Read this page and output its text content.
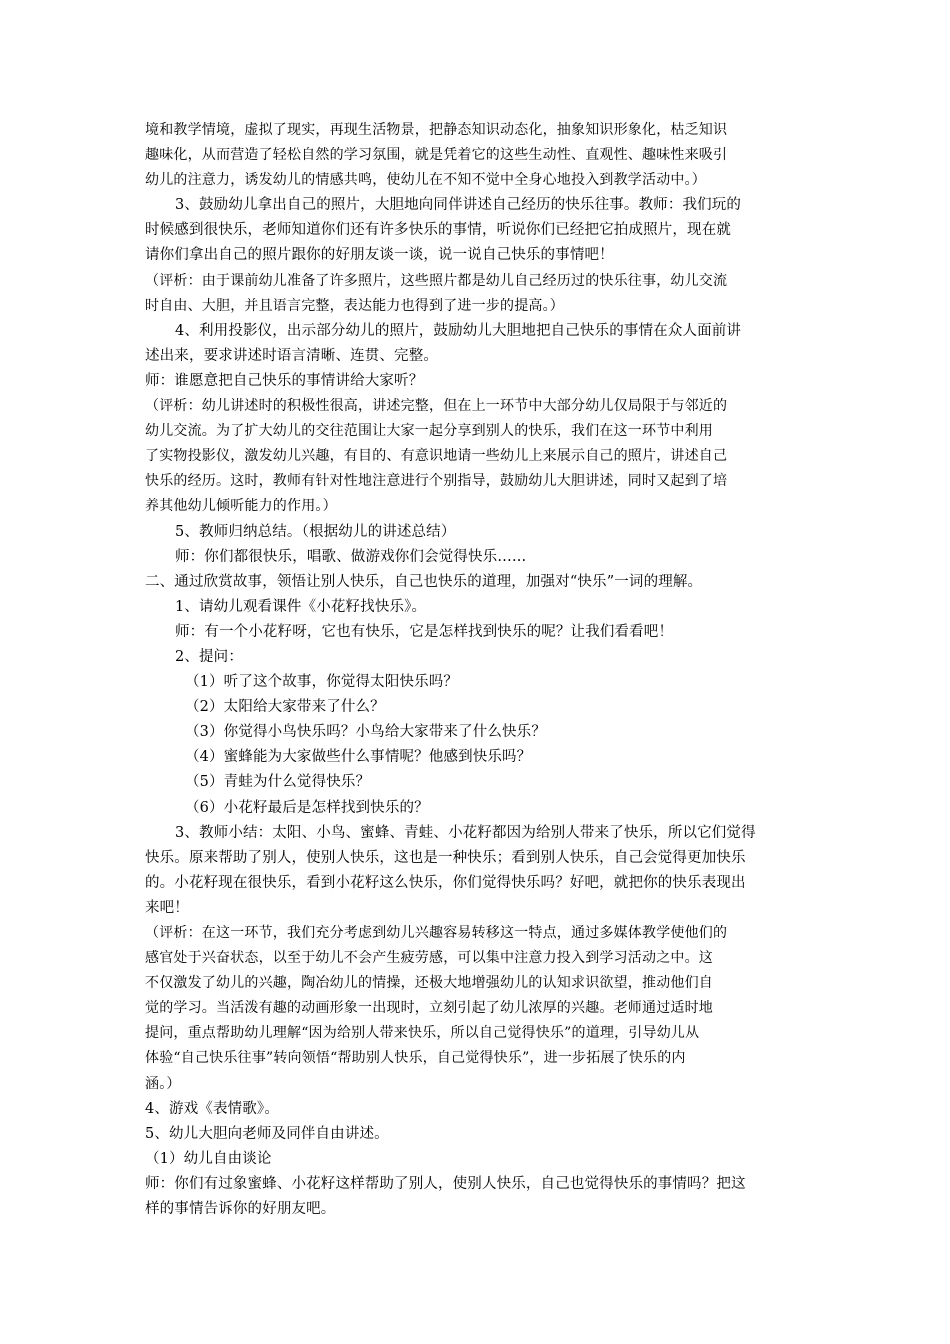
境和教学情境，虚拟了现实，再现生活物景，把静态知识动态化，抽象知识形象化，枯乏知识
趣味化，从而营造了轻松自然的学习氛围，就是凭着它的这些生动性、直观性、趣味性来吸引
幼儿的注意力，诱发幼儿的情感共鸣，使幼儿在不知不觉中全身心地投入到教学活动中。）
3、鼓励幼儿拿出自己的照片，大胆地向同伴讲述自己经历的快乐往事。教师：我们玩的
时候感到很快乐，老师知道你们还有许多快乐的事情，听说你们已经把它拍成照片，现在就
请你们拿出自己的照片跟你的好朋友谈一谈，说一说自己快乐的事情吧！
（评析：由于课前幼儿准备了许多照片，这些照片都是幼儿自己经历过的快乐往事，幼儿交流
时自由、大胆，并且语言完整，表达能力也得到了进一步的提高。）
4、利用投影仪，出示部分幼儿的照片，鼓励幼儿大胆地把自己快乐的事情在众人面前讲
述出来，要求讲述时语言清晰、连贯、完整。
师：谁愿意把自己快乐的事情讲给大家听？
（评析：幼儿讲述时的积极性很高，讲述完整，但在上一环节中大部分幼儿仅局限于与邻近的
幼儿交流。为了扩大幼儿的交往范围让大家一起分享到别人的快乐，我们在这一环节中利用
了实物投影仪，激发幼儿兴趣，有目的、有意识地请一些幼儿上来展示自己的照片，讲述自己
快乐的经历。这时，教师有针对性地注意进行个别指导，鼓励幼儿大胆讲述，同时又起到了培
养其他幼儿倾听能力的作用。）
5、教师归纳总结。（根据幼儿的讲述总结）
师：你们都很快乐，唱歌、做游戏你们会觉得快乐…...
二、通过欣赏故事，领悟让别人快乐，自己也快乐的道理，加强对“快乐”一词的理解。
1、请幼儿观看课件《小花籽找快乐》。
师：有一个小花籽呀，它也有快乐，它是怎样找到快乐的呢？让我们看看吧！
2、提问：
（1）听了这个故事，你觉得太阳快乐吗？
（2）太阳给大家带来了什么？
（3）你觉得小鸟快乐吗？小鸟给大家带来了什么快乐？
（4）蜜蜂能为大家做些什么事情呢？他感到快乐吗？
（5）青蛙为什么觉得快乐？
（6）小花籽最后是怎样找到快乐的？
3、教师小结：太阳、小鸟、蜜蜂、青蛙、小花籽都因为给别人带来了快乐，所以它们觉得
快乐。原来帮助了别人，使别人快乐，这也是一种快乐；看到别人快乐，自己会觉得更加快乐
的。小花籽现在很快乐，看到小花籽这么快乐，你们觉得快乐吗？好吧，就把你的快乐表现出
来吧！
（评析：在这一环节，我们充分考虑到幼儿兴趣容易转移这一特点，通过多媒体教学使他们的
感官处于兴奋状态，以至于幼儿不会产生疲劳感，可以集中注意力投入到学习活动之中。这
不仅激发了幼儿的兴趣，陶冶幼儿的情操，还极大地增强幼儿的认知求识欲望，推动他们自
觉的学习。当活泼有趣的动画形象一出现时，立刻引起了幼儿浓厚的兴趣。老师通过适时地
提问，重点帮助幼儿理解“因为给别人带来快乐，所以自己觉得快乐”的道理，引导幼儿从
体验“自己快乐往事”转向领悟“帮助别人快乐，自己觉得快乐”，进一步拓展了快乐的内
涵。）
4、游戏《表情歌》。
5、幼儿大胆向老师及同伴自由讲述。
（1）幼儿自由谈论
师：你们有过象蜜蜂、小花籽这样帮助了别人，使别人快乐，自己也觉得快乐的事情吗？把这
样的事情告诉你的好朋友吧。
